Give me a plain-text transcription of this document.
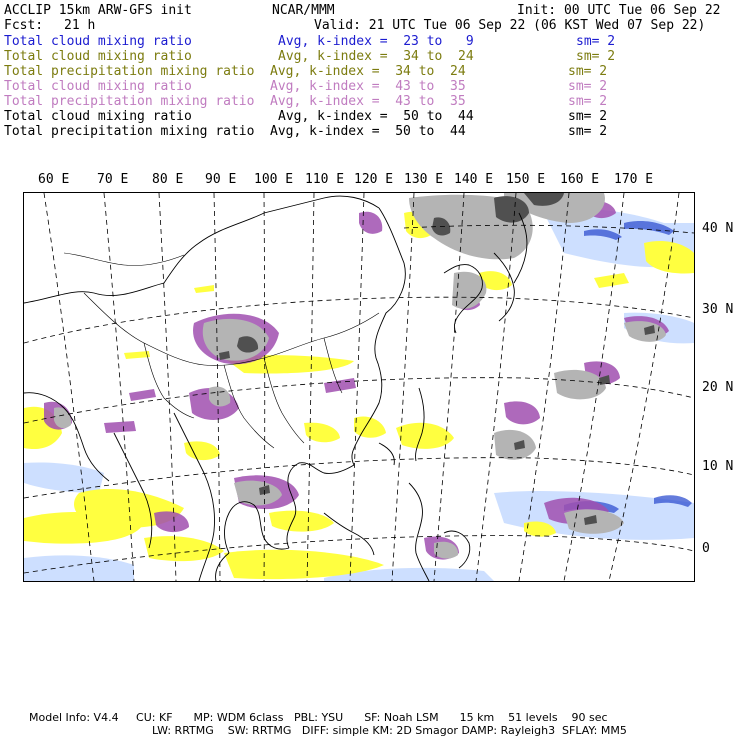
ACCLIP 15km ARW-GFS init	NCAR/MMM	Init: 00 UTC Tue 06 Sep 22
Fcst: 21 h	Valid: 21 UTC Tue 06 Sep 22 (06 KST Wed 07 Sep 22)
Total cloud mixing ratio	Avg, k-index =  23 to   9	sm= 2
Total cloud mixing ratio	Avg, k-index =  34 to  24	sm= 2
Total precipitation mixing ratio Avg, k-index =  34 to  24	sm= 2
Total cloud mixing ratio	Avg, k-index =  43 to  35	sm= 2
Total precipitation mixing ratio Avg, k-index =  43 to  35	sm= 2
Total cloud mixing ratio	Avg, k-index =  50 to  44	sm= 2
Total precipitation mixing ratio Avg, k-index =  50 to  44	sm= 2
60 E 70 E 80 E 90 E 100 E 110 E 120 E 130 E 140 E 150 E 160 E 170 E
40 N
30 N
20 N
10 N
0
Model Info: V4.4     CU: KF      MP: WDM 6class   PBL: YSU      SF: Noah LSM      15 km    51 levels    90 sec
LW: RRTMG    SW: RRTMG   DIFF: simple KM: 2D Smagor DAMP: Rayleigh3  SFLAY: MM5
